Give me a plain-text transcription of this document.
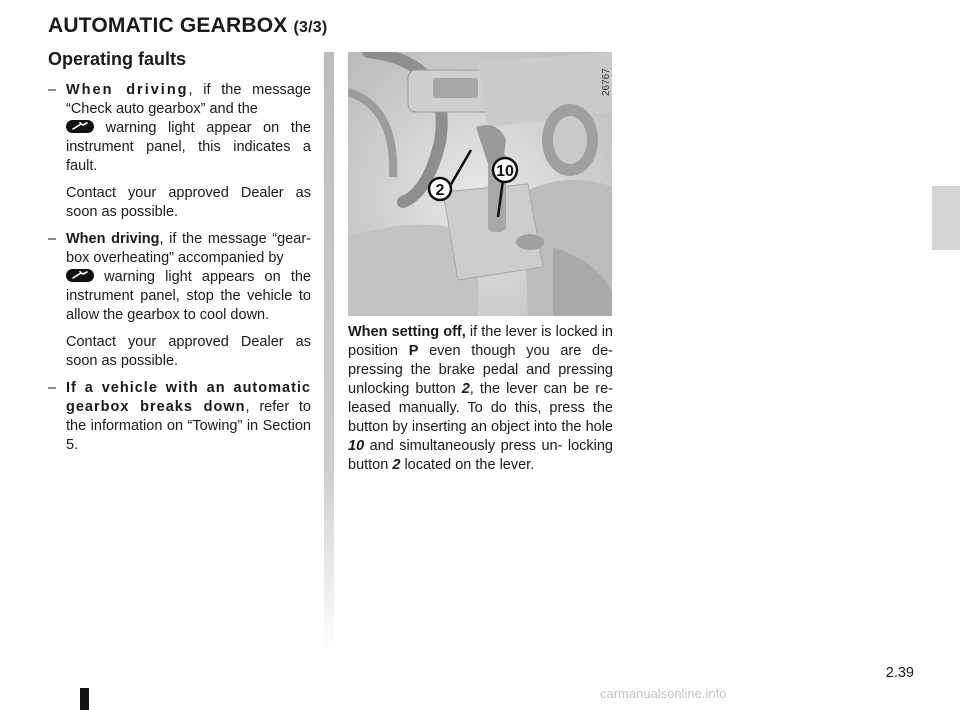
AUTOMATIC GEARBOX (3/3)
Operating faults
– When driving, if the message “Check auto gearbox” and the

warning light appear on the instrument panel, this indicates a fault.

Contact your approved Dealer as soon as possible.

– When driving, if the message “gear- box overheating” accompanied by

warning light appears on the instrument panel, stop the vehicle to allow the gearbox to cool down.

Contact your approved Dealer as soon as possible.

– If a vehicle with an automatic gearbox breaks down, refer to the information on “Towing” in Section 5.

2
10
26767

When setting off, if the lever is locked in position P even though you are de- pressing the brake pedal and pressing unlocking button 2, the lever can be re- leased manually. To do this, press the button by inserting an object into the hole 10 and simultaneously press un- locking button 2 located on the lever.

2.39
carmanualsonline.info
